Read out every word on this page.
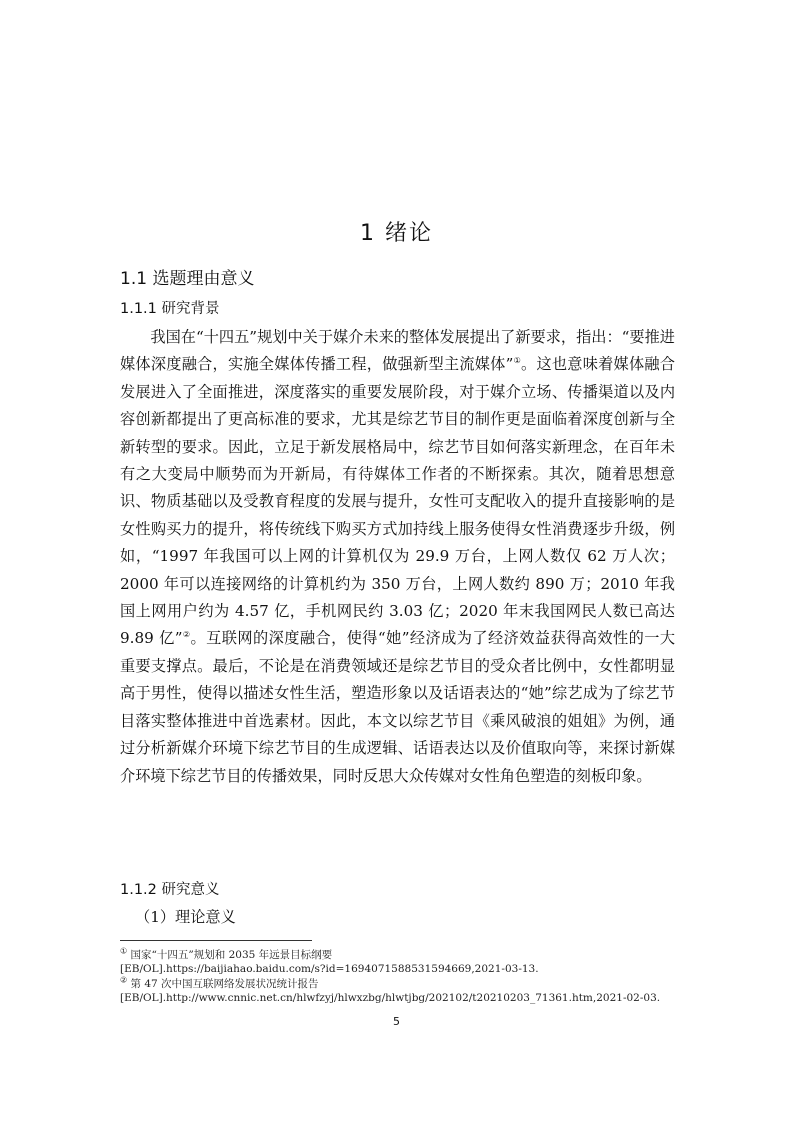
1 绪论
1.1 选题理由意义
1.1.1 研究背景

我国在“十四五”规划中关于媒介未来的整体发展提出了新要求，指出：“要推进媒体深度融合，实施全媒体传播工程，做强新型主流媒体”①。这也意味着媒体融合发展进入了全面推进，深度落实的重要发展阶段，对于媒介立场、传播渠道以及内容创新都提出了更高标准的要求，尤其是综艺节目的制作更是面临着深度创新与全新转型的要求。因此，立足于新发展格局中，综艺节目如何落实新理念，在百年未有之大变局中顺势而为开新局，有待媒体工作者的不断探索。其次，随着思想意识、物质基础以及受教育程度的发展与提升，女性可支配收入的提升直接影响的是女性购买力的提升，将传统线下购买方式加持线上服务使得女性消费逐步升级，例如，“1997 年我国可以上网的计算机仅为 29.9 万台，上网人数仅 62 万人次；2000 年可以连接网络的计算机约为 350 万台，上网人数约 890 万；2010 年我国上网用户约为 4.57 亿，手机网民约 3.03 亿；2020 年末我国网民人数已高达 9.89 亿”②。互联网的深度融合，使得“她”经济成为了经济效益获得高效性的一大重要支撑点。最后，不论是在消费领域还是综艺节目的受众者比例中，女性都明显高于男性，使得以描述女性生活，塑造形象以及话语表达的“她”综艺成为了综艺节目落实整体推进中首选素材。因此，本文以综艺节目《乘风破浪的姐姐》为例，通过分析新媒介环境下综艺节目的生成逻辑、话语表达以及价值取向等，来探讨新媒介环境下综艺节目的传播效果，同时反思大众传媒对女性角色塑造的刻板印象。

1.1.2 研究意义
（1）理论意义
① 国家“十四五”规划和 2035 年远景目标纲要
[EB/OL].https://baijiahao.baidu.com/s?id=1694071588531594669,2021-03-13.
② 第 47 次中国互联网络发展状况统计报告
[EB/OL].http://www.cnnic.net.cn/hlwfzyj/hlwxzbg/hlwtjbg/202102/t20210203_71361.htm,2021-02-03.
5
